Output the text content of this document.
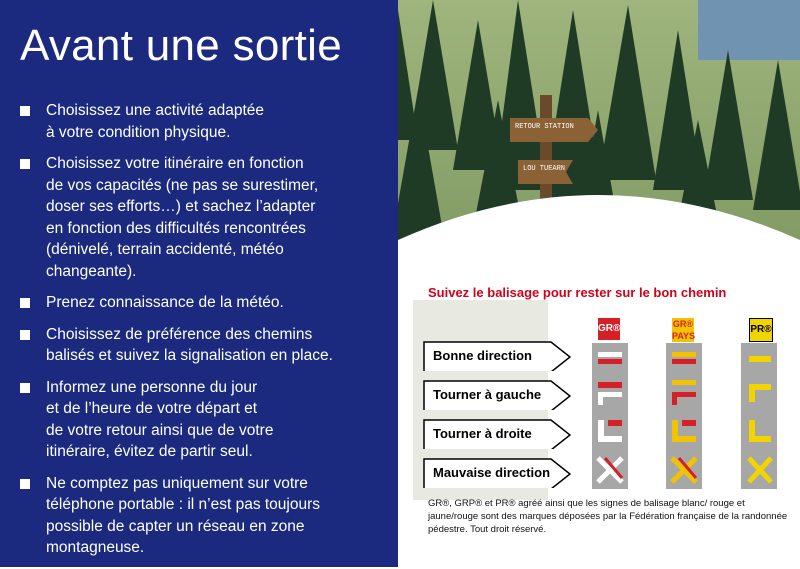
Avant une sortie
Choisissez une activité adaptée
à votre condition physique.
Choisissez votre itinéraire en fonction
de vos capacités (ne pas se surestimer,
doser ses efforts…) et sachez l’adapter
en fonction des difficultés rencontrées
(dénivelé, terrain accidenté, météo
changeante).
Prenez connaissance de la météo.
Choisissez de préférence des chemins
balisés et suivez la signalisation en place.
Informez une personne du jour
et de l’heure de votre départ et
de votre retour ainsi que de votre
itinéraire, évitez de partir seul.
Ne comptez pas uniquement sur votre
téléphone portable : il n’est pas toujours
possible de capter un réseau en zone
montagneuse.
RETOUR STATION
LOU TUEARN

Suivez le balisage pour rester sur le bon chemin

GR®	GR® PAYS
PR®
Bonne direction
Tourner à gauche
Tourner à droite
Mauvaise direction

GR®, GRP® et PR® agréé ainsi que les signes de balisage blanc/ rouge et jaune/rouge sont des marques déposées par la Fédération française de la randonnée pédestre. Tout droit réservé.
